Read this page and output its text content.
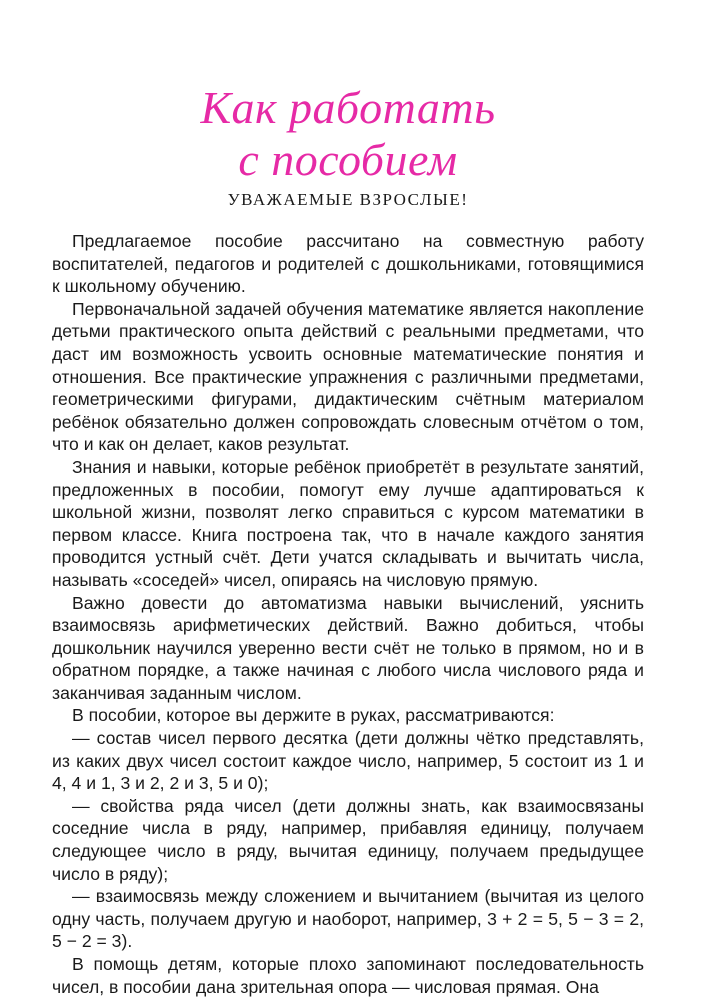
Как работать
с пособием
УВАЖАЕМЫЕ ВЗРОСЛЫЕ!

Предлагаемое пособие рассчитано на совместную работу воспитателей, педагогов и родителей с дошкольниками, готовящимися к школьному обучению.

Первоначальной задачей обучения математике является накопление детьми практического опыта действий с реальными предметами, что даст им возможность усвоить основные математические понятия и отношения. Все практические упражнения с различными предметами, геометрическими фигурами, дидактическим счётным материалом ребёнок обязательно должен сопровождать словесным отчётом о том, что и как он делает, каков результат.

Знания и навыки, которые ребёнок приобретёт в результате занятий, предложенных в пособии, помогут ему лучше адаптироваться к школьной жизни, позволят легко справиться с курсом математики в первом классе. Книга построена так, что в начале каждого занятия проводится устный счёт. Дети учатся складывать и вычитать числа, называть «соседей» чисел, опираясь на числовую прямую.

Важно довести до автоматизма навыки вычислений, уяснить взаимосвязь арифметических действий. Важно добиться, чтобы дошкольник научился уверенно вести счёт не только в прямом, но и в обратном порядке, а также начиная с любого числа числового ряда и заканчивая заданным числом.

В пособии, которое вы держите в руках, рассматриваются:

— состав чисел первого десятка (дети должны чётко представлять, из каких двух чисел состоит каждое число, например, 5 состоит из 1 и 4, 4 и 1, 3 и 2, 2 и 3, 5 и 0);

— свойства ряда чисел (дети должны знать, как взаимосвязаны соседние числа в ряду, например, прибавляя единицу, получаем следующее число в ряду, вычитая единицу, получаем предыдущее число в ряду);

— взаимосвязь между сложением и вычитанием (вычитая из целого одну часть, получаем другую и наоборот, например, 3 + 2 = 5, 5 − 3 = 2, 5 − 2 = 3).

В помощь детям, которые плохо запоминают последовательность чисел, в пособии дана зрительная опора — числовая прямая. Она
